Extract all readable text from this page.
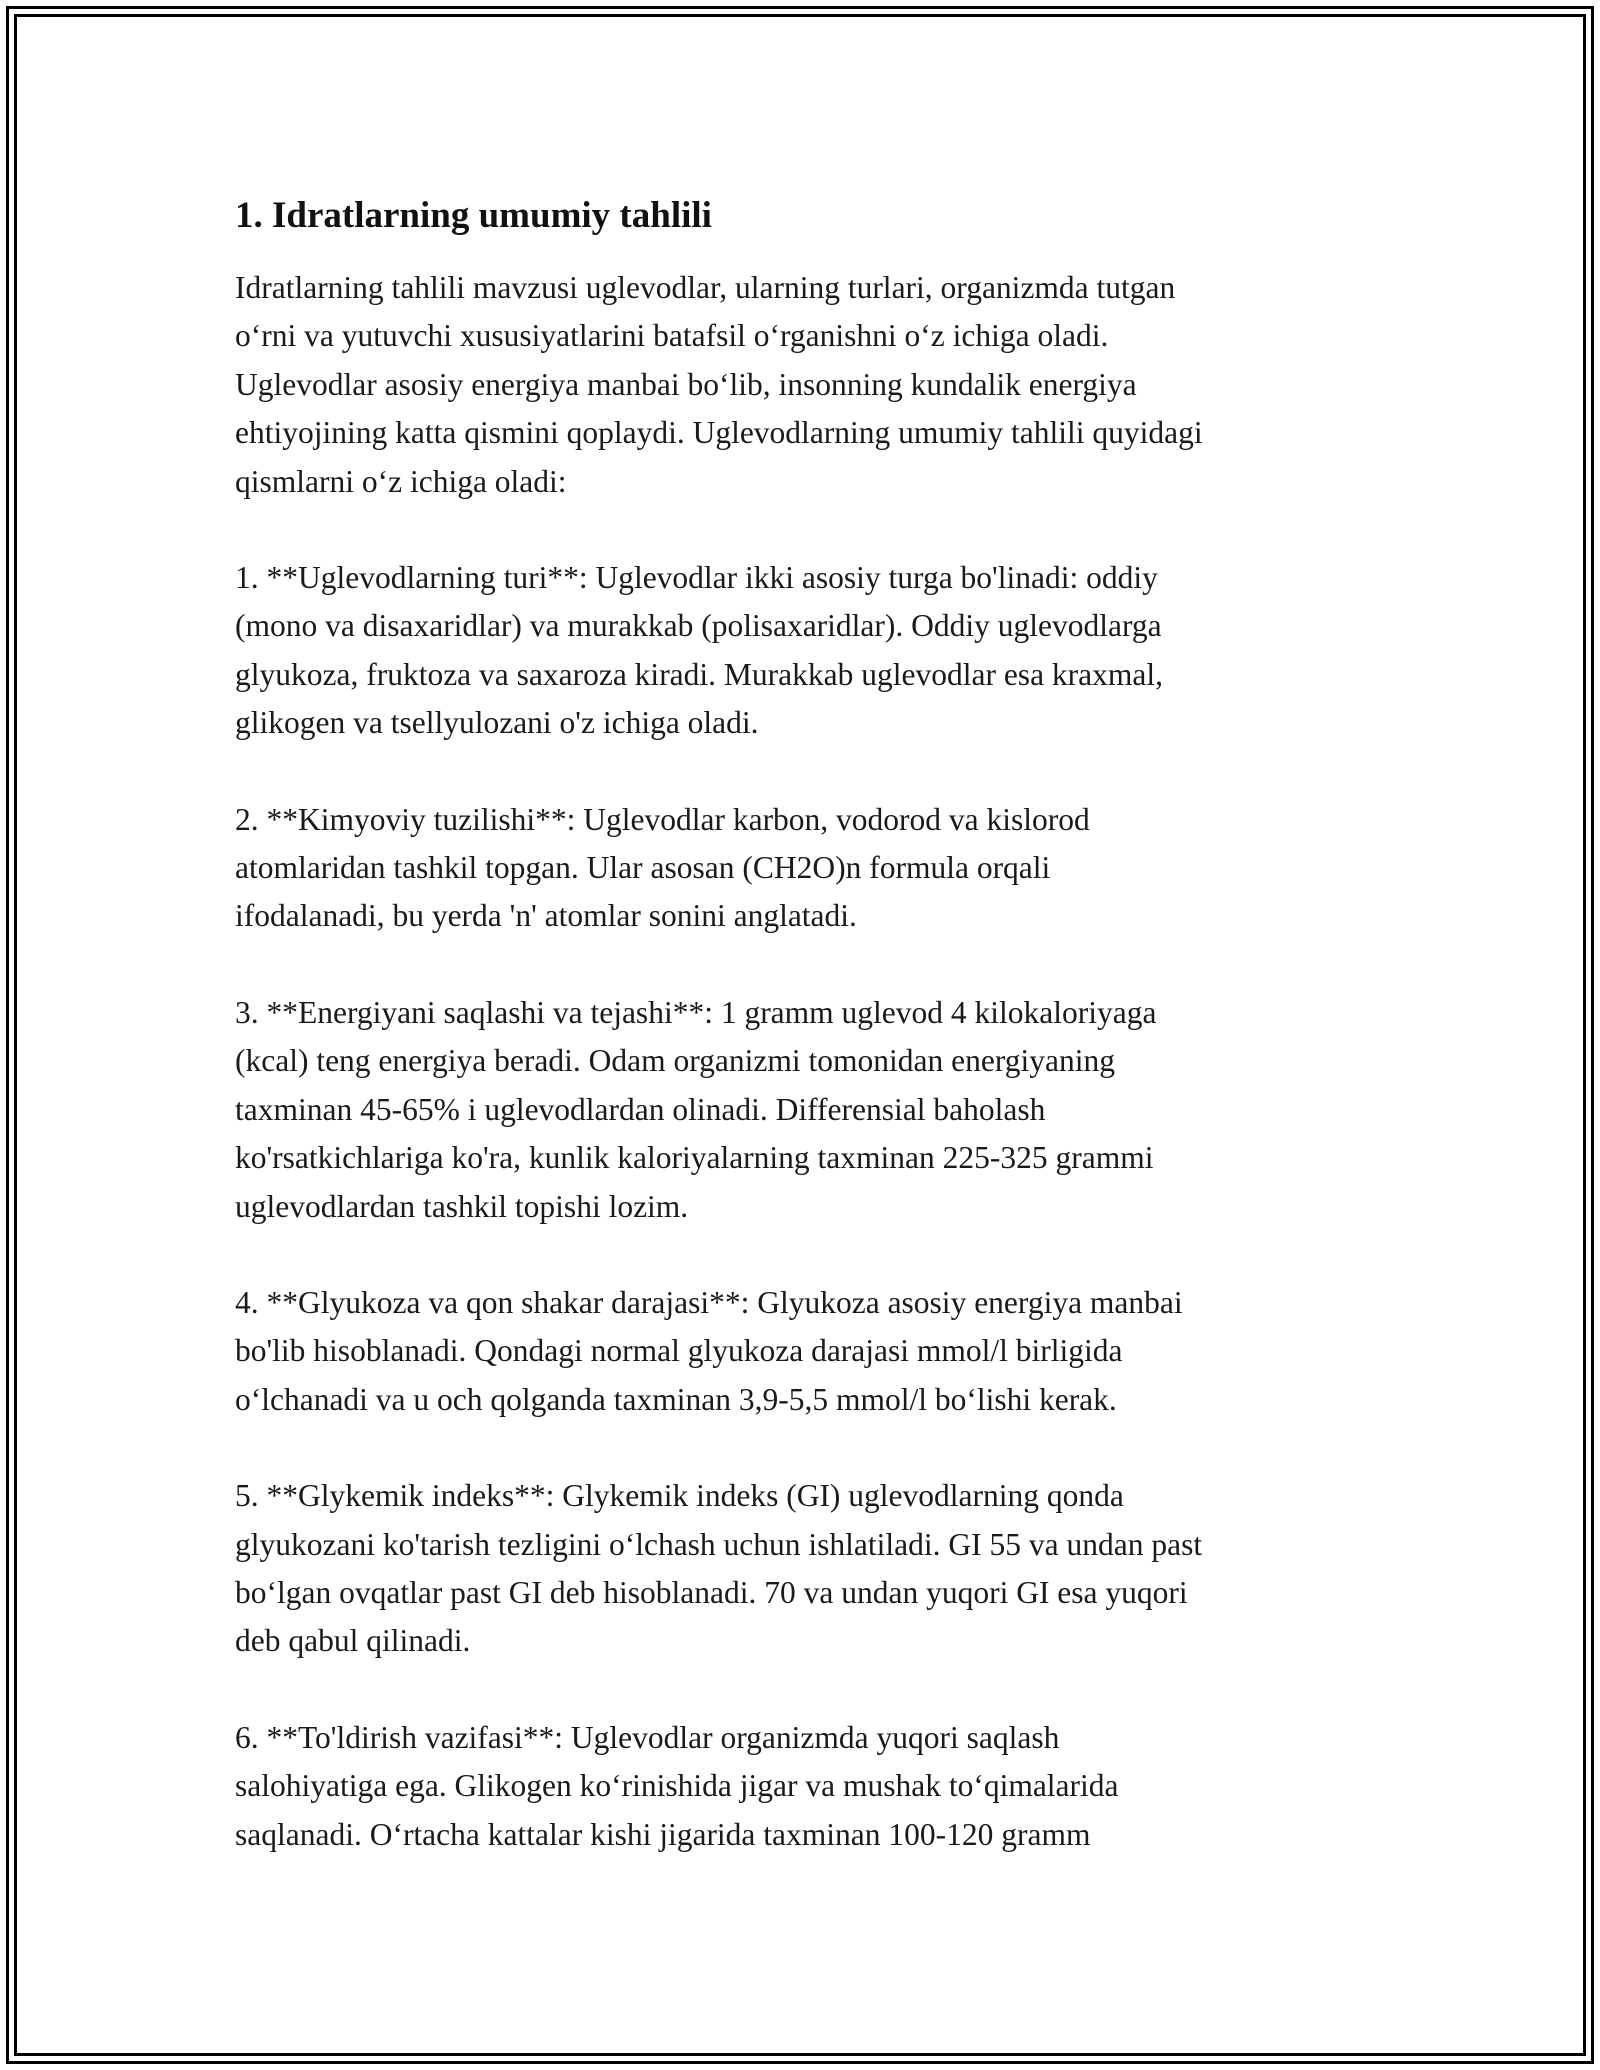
1. Idratlarning umumiy tahlili

Idratlarning tahlili mavzusi uglevodlar, ularning turlari, organizmda tutgan
o‘rni va yutuvchi xususiyatlarini batafsil o‘rganishni o‘z ichiga oladi.
Uglevodlar asosiy energiya manbai bo‘lib, insonning kundalik energiya
ehtiyojining katta qismini qoplaydi. Uglevodlarning umumiy tahlili quyidagi
qismlarni o‘z ichiga oladi:

1. **Uglevodlarning turi**: Uglevodlar ikki asosiy turga bo'linadi: oddiy
(mono va disaxaridlar) va murakkab (polisaxaridlar). Oddiy uglevodlarga
glyukoza, fruktoza va saxaroza kiradi. Murakkab uglevodlar esa kraxmal,
glikogen va tsellyulozani o'z ichiga oladi.

2. **Kimyoviy tuzilishi**: Uglevodlar karbon, vodorod va kislorod
atomlaridan tashkil topgan. Ular asosan (CH2O)n formula orqali
ifodalanadi, bu yerda 'n' atomlar sonini anglatadi.

3. **Energiyani saqlashi va tejashi**: 1 gramm uglevod 4 kilokaloriyaga
(kcal) teng energiya beradi. Odam organizmi tomonidan energiyaning
taxminan 45-65% i uglevodlardan olinadi. Differensial baholash
ko'rsatkichlariga ko'ra, kunlik kaloriyalarning taxminan 225-325 grammi
uglevodlardan tashkil topishi lozim.

4. **Glyukoza va qon shakar darajasi**: Glyukoza asosiy energiya manbai
bo'lib hisoblanadi. Qondagi normal glyukoza darajasi mmol/l birligida
o‘lchanadi va u och qolganda taxminan 3,9-5,5 mmol/l bo‘lishi kerak.

5. **Glykemik indeks**: Glykemik indeks (GI) uglevodlarning qonda
glyukozani ko'tarish tezligini o‘lchash uchun ishlatiladi. GI 55 va undan past
bo‘lgan ovqatlar past GI deb hisoblanadi. 70 va undan yuqori GI esa yuqori
deb qabul qilinadi.

6. **To'ldirish vazifasi**: Uglevodlar organizmda yuqori saqlash
salohiyatiga ega. Glikogen ko‘rinishida jigar va mushak to‘qimalarida
saqlanadi. O‘rtacha kattalar kishi jigarida taxminan 100-120 gramm
